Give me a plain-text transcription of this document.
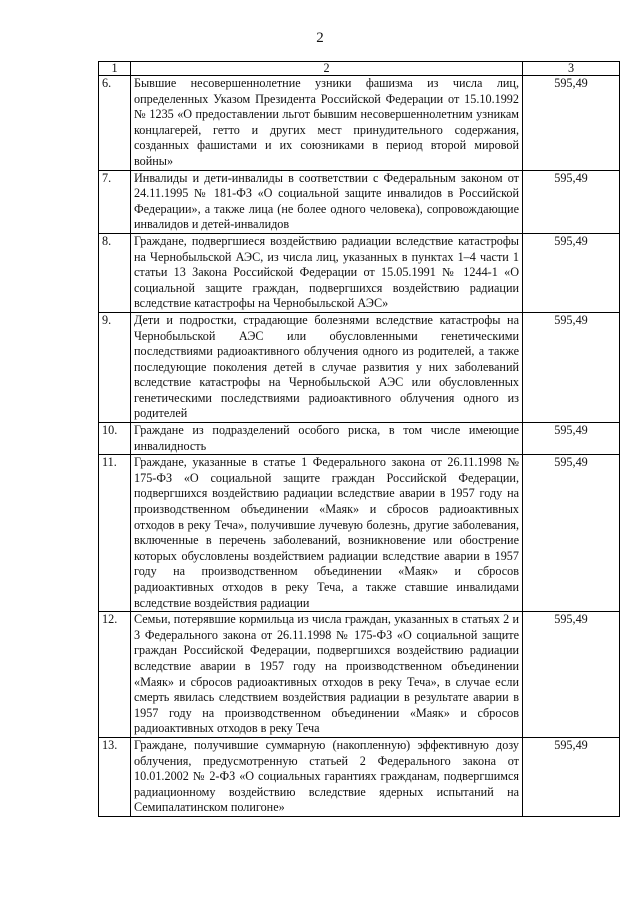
2
1	2	3
6.	Бывшие несовершеннолетние узники фашизма из числа лиц, определенных Указом Президента Российской Федерации от 15.10.1992 № 1235 «О предоставлении льгот бывшим несовершеннолетним узникам концлагерей, гетто и других мест принудительного содержания, созданных фашистами и их союзниками в период второй мировой войны»	595,49
7.	Инвалиды и дети-инвалиды в соответствии с Федеральным законом от 24.11.1995 № 181-ФЗ «О социальной защите инвалидов в Российской Федерации», а также лица (не более одного человека), сопровождающие инвалидов и детей-инвалидов	595,49
8.	Граждане, подвергшиеся воздействию радиации вследствие катастрофы на Чернобыльской АЭС, из числа лиц, указанных в пунктах 1–4 части 1 статьи 13 Закона Российской Федерации от 15.05.1991 № 1244-1 «О социальной защите граждан, подвергшихся воздействию радиации вследствие катастрофы на Чернобыльской АЭС»	595,49
9.	Дети и подростки, страдающие болезнями вследствие катастрофы на Чернобыльской АЭС или обусловленными генетическими последствиями радиоактивного облучения одного из родителей, а также последующие поколения детей в случае развития у них заболеваний вследствие катастрофы на Чернобыльской АЭС или обусловленных генетическими последствиями радиоактивного облучения одного из родителей	595,49
10.	Граждане из подразделений особого риска, в том числе имеющие инвалидность	595,49
11.	Граждане, указанные в статье 1 Федерального закона от 26.11.1998 № 175-ФЗ «О социальной защите граждан Российской Федерации, подвергшихся воздействию радиации вследствие аварии в 1957 году на производственном объединении «Маяк» и сбросов радиоактивных отходов в реку Теча», получившие лучевую болезнь, другие заболевания, включенные в перечень заболеваний, возникновение или обострение которых обусловлены воздействием радиации вследствие аварии в 1957 году на производственном объединении «Маяк» и сбросов радиоактивных отходов в реку Теча, а также ставшие инвалидами вследствие воздействия радиации	595,49
12.	Семьи, потерявшие кормильца из числа граждан, указанных в статьях 2 и 3 Федерального закона от 26.11.1998 № 175-ФЗ «О социальной защите граждан Российской Федерации, подвергшихся воздействию радиации вследствие аварии в 1957 году на производственном объединении «Маяк» и сбросов радиоактивных отходов в реку Теча», в случае если смерть явилась следствием воздействия радиации в результате аварии в 1957 году на производственном объединении «Маяк» и сбросов радиоактивных отходов в реку Теча	595,49
13.	Граждане, получившие суммарную (накопленную) эффективную дозу облучения, предусмотренную статьей 2 Федерального закона от 10.01.2002 № 2-ФЗ «О социальных гарантиях гражданам, подвергшимся радиационному воздействию вследствие ядерных испытаний на Семипалатинском полигоне»	595,49
